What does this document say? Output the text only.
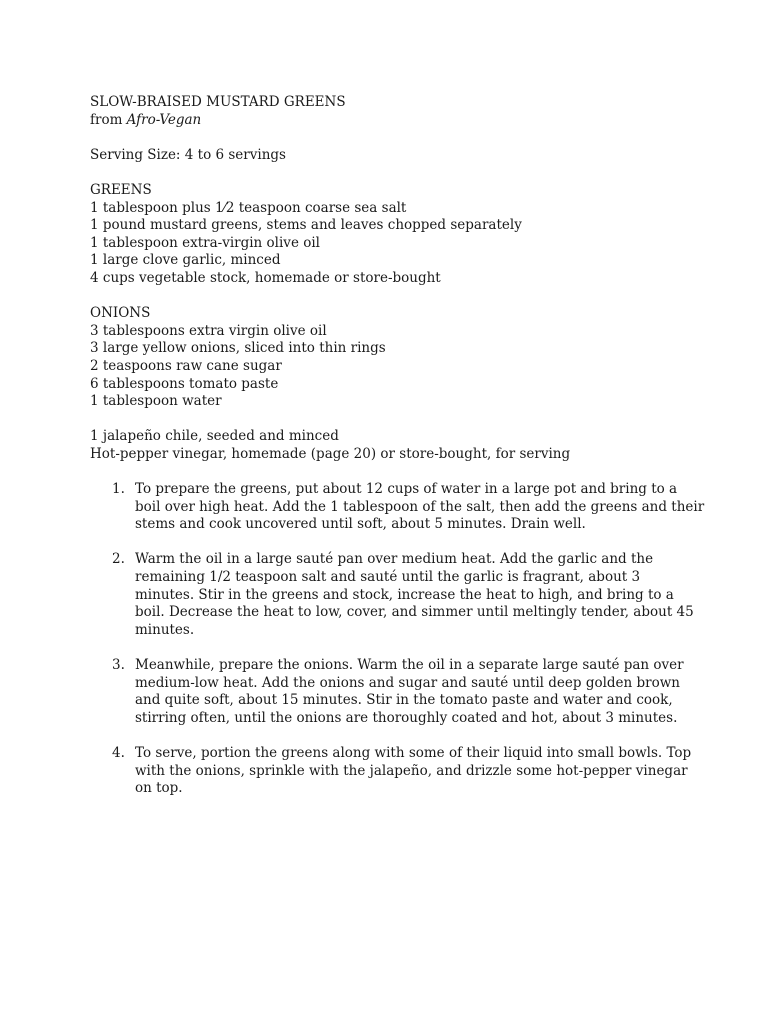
SLOW-BRAISED MUSTARD GREENS
from Afro-Vegan
Serving Size: 4 to 6 servings
GREENS
1 tablespoon plus 1⁄2 teaspoon coarse sea salt
1 pound mustard greens, stems and leaves chopped separately
1 tablespoon extra-virgin olive oil
1 large clove garlic, minced
4 cups vegetable stock, homemade or store-bought
ONIONS
3 tablespoons extra virgin olive oil
3 large yellow onions, sliced into thin rings
2 teaspoons raw cane sugar
6 tablespoons tomato paste
1 tablespoon water
1 jalapeño chile, seeded and minced
Hot-pepper vinegar, homemade (page 20) or store-bought, for serving
1. To prepare the greens, put about 12 cups of water in a large pot and bring to a
boil over high heat. Add the 1 tablespoon of the salt, then add the greens and their
stems and cook uncovered until soft, about 5 minutes. Drain well.
2. Warm the oil in a large sauté pan over medium heat. Add the garlic and the
remaining 1/2 teaspoon salt and sauté until the garlic is fragrant, about 3
minutes. Stir in the greens and stock, increase the heat to high, and bring to a
boil. Decrease the heat to low, cover, and simmer until meltingly tender, about 45
minutes.
3. Meanwhile, prepare the onions. Warm the oil in a separate large sauté pan over
medium-low heat. Add the onions and sugar and sauté until deep golden brown
and quite soft, about 15 minutes. Stir in the tomato paste and water and cook,
stirring often, until the onions are thoroughly coated and hot, about 3 minutes.
4. To serve, portion the greens along with some of their liquid into small bowls. Top
with the onions, sprinkle with the jalapeño, and drizzle some hot-pepper vinegar
on top.
